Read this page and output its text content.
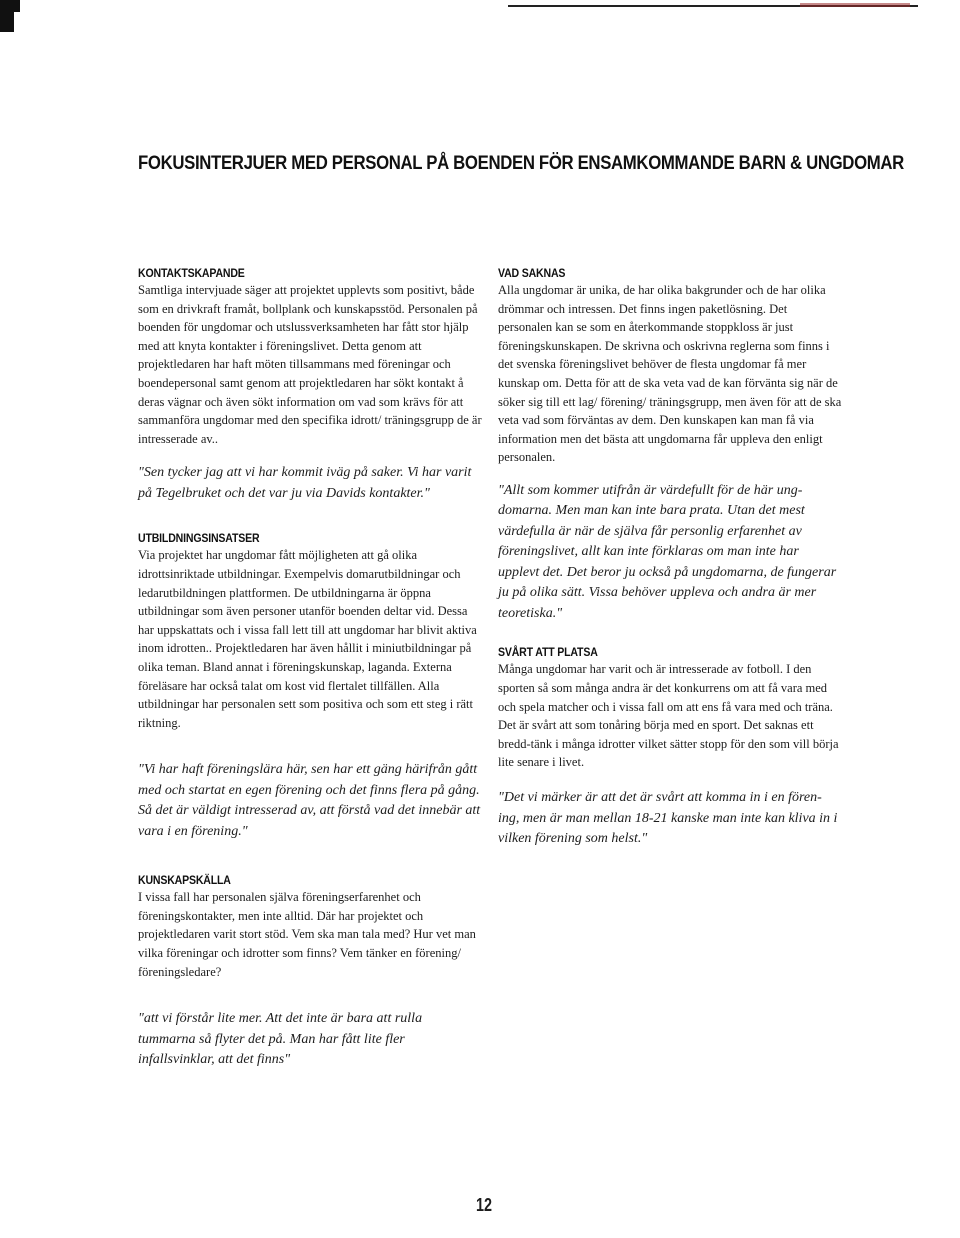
FOKUSINTERJUER MED PERSONAL PÅ BOENDEN FÖR ENSAMKOMMANDE BARN & UNGDOMAR
KONTAKTSKAPANDE

Samtliga intervjuade säger att projektet upplevts som positivt, både som en drivkraft framåt, bollplank och kunskapsstöd. Personalen på boenden för ungdomar och utslussverksamheten har fått stor hjälp med att knyta kontakter i föreningslivet. Detta genom att projektledaren har haft möten tillsammans med föreningar och boendepersonal samt genom att projektledaren har sökt kontakt å deras vägnar och även sökt information om vad som krävs för att sammanföra ungdomar med den specifika idrott/ träningsgrupp de är intresserade av..

"Sen tycker jag att vi har kommit iväg på saker. Vi har varit på Tegelbruket och det var ju via Davids kontakter."

UTBILDNINGSINSATSER

Via projektet har ungdomar fått möjligheten att gå olika idrottsinriktade utbildningar. Exempelvis domarutbildningar och ledarutbildningen plattformen. De utbildningarna är öppna utbildningar som även personer utanför boenden deltar vid. Dessa har uppskattats och i vissa fall lett till att ungdomar har blivit aktiva inom idrotten.. Projektledaren har även hållit i miniutbildningar på olika teman. Bland annat i föreningskunskap, laganda. Externa föreläsare har också talat om kost vid flertalet tillfällen. Alla utbildningar har personalen sett som positiva och som ett steg i rätt riktning.

"Vi har haft föreningslära här, sen har ett gäng härifrån gått med och startat en egen förening och det finns flera på gång. Så det är väldigt intresserad av, att förstå vad det innebär att vara i en förening."

KUNSKAPSKÄLLA

I vissa fall har personalen själva föreningserfarenhet och föreningskontakter, men inte alltid. Där har projektet och projektledaren varit stort stöd. Vem ska man tala med? Hur vet man vilka föreningar och idrotter som finns? Vem tänker en förening/ föreningsledare?

"att vi förstår lite mer. Att det inte är bara att rulla tummarna så flyter det på. Man har fått lite fler infallsvinklar, att det finns"

VAD SAKNAS

Alla ungdomar är unika, de har olika bakgrunder och de har olika drömmar och intressen. Det finns ingen paketlösning. Det personalen kan se som en återkommande stoppkloss är just föreningskunskapen. De skrivna och oskrivna reglerna som finns i det svenska föreningslivet behöver de flesta ungdomar få mer kunskap om. Detta för att de ska veta vad de kan förvänta sig när de söker sig till ett lag/ förening/ träningsgrupp, men även för att de ska veta vad som förväntas av dem. Den kunskapen kan man få via information men det bästa att ungdomarna får uppleva den enligt personalen.

"Allt som kommer utifrån är värdefullt för de här ung- domarna. Men man kan inte bara prata. Utan det mest värdefulla är när de själva får personlig erfarenhet av föreningslivet, allt kan inte förklaras om man inte har upplevt det. Det beror ju också på ungdomarna, de fungerar ju på olika sätt. Vissa behöver uppleva och andra är mer teoretiska."

SVÅRT ATT PLATSA

Många ungdomar har varit och är intresserade av fotboll. I den sporten så som många andra är det konkurrens om att få vara med och spela matcher och i vissa fall om att ens få vara med och träna. Det är svårt att som tonåring börja med en sport. Det saknas ett bredd-tänk i många idrotter vilket sätter stopp för den som vill börja lite senare i livet.

"Det vi märker är att det är svårt att komma in i en fören- ing, men är man mellan 18-21 kanske man inte kan kliva in i vilken förening som helst."

12
